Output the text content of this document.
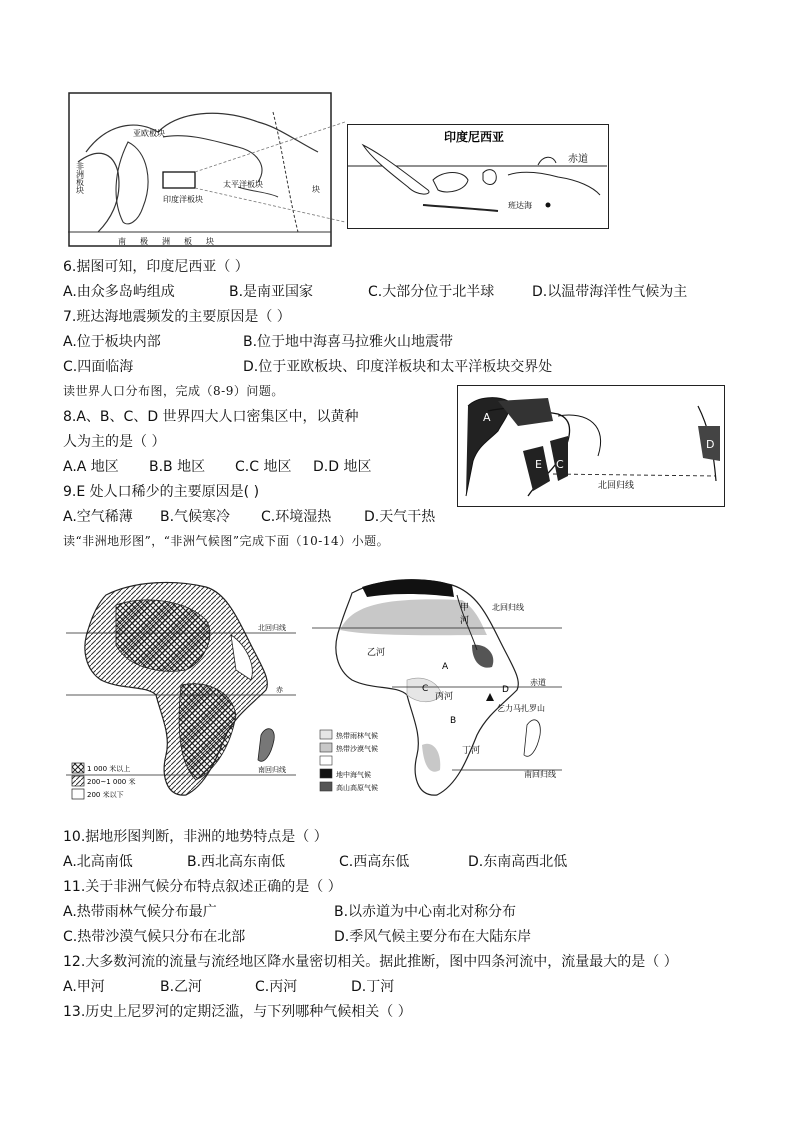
亚欧板块
非洲板块	太平洋板块
印度洋板块
南极洲板块
块
印度尼西亚
赤道
班达海
6.据图可知，印度尼西亚（ ）
A.由众多岛屿组成	B.是南亚国家	C.大部分位于北半球	D.以温带海洋性气候为主
7.班达海地震频发的主要原因是（ ）
A.位于板块内部	B.位于地中海喜马拉雅火山地震带
C.四面临海	D.位于亚欧板块、印度洋板块和太平洋板块交界处
读世界人口分布图，完成（8-9）问题。
A
B
E C
D
北回归线
8.A、B、C、D 世界四大人口密集区中，以黄种
人为主的是（ ）
A.A 地区 B.B 地区 C.C 地区 D.D 地区
9.E 处人口稀少的主要原因是( )
A.空气稀薄 B.气候寒冷 C.环境湿热 D.天气干热
读“非洲地形图”，“非洲气候图”完成下面（10-14）小题。
北回归线
赤
南回归线
1 000 米以上
200~1 000 米
200 米以下
甲
河
北回归线
乙河
A
C
丙河
D
赤道
乞力马扎罗山
B
丁河
南回归线
热带雨林气候
热带沙漠气候
地中海气候
高山高原气候
10.据地形图判断，非洲的地势特点是（ ）
A.北高南低	B.西北高东南低	C.西高东低	D.东南高西北低
11.关于非洲气候分布特点叙述正确的是（ ）
A.热带雨林气候分布最广	B.以赤道为中心南北对称分布
C.热带沙漠气候只分布在北部	D.季风气候主要分布在大陆东岸
12.大多数河流的流量与流经地区降水量密切相关。据此推断，图中四条河流中，流量最大的是（ ）
A.甲河	B.乙河	C.丙河	D.丁河
13.历史上尼罗河的定期泛滥，与下列哪种气候相关（ ）
